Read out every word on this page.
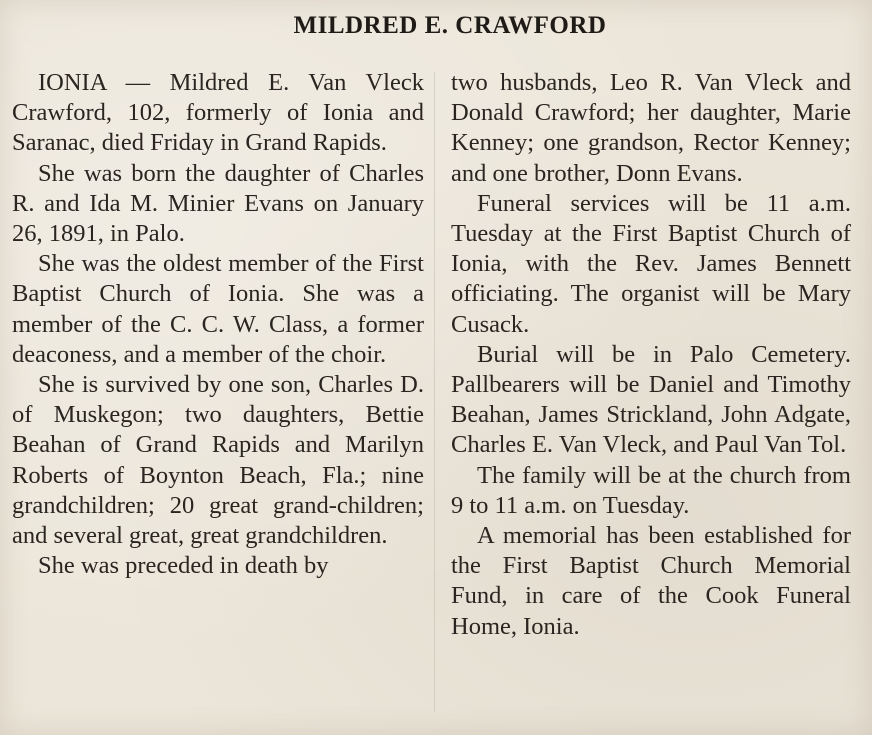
MILDRED E. CRAWFORD

IONIA — Mildred E. Van Vleck Crawford, 102, formerly of Ionia and Saranac, died Friday in Grand Rapids.

She was born the daughter of Charles R. and Ida M. Minier Evans on January 26, 1891, in Palo.

She was the oldest member of the First Baptist Church of Ionia. She was a member of the C. C. W. Class, a former deaconess, and a member of the choir.

She is survived by one son, Charles D. of Muskegon; two daughters, Bettie Beahan of Grand Rapids and Marilyn Roberts of Boynton Beach, Fla.; nine grandchildren; 20 great grand-children; and several great, great grandchildren.

She was preceded in death by

two husbands, Leo R. Van Vleck and Donald Crawford; her daughter, Marie Kenney; one grandson, Rector Kenney; and one brother, Donn Evans.

Funeral services will be 11 a.m. Tuesday at the First Baptist Church of Ionia, with the Rev. James Bennett officiating. The organist will be Mary Cusack.

Burial will be in Palo Cemetery. Pallbearers will be Daniel and Timothy Beahan, James Strickland, John Adgate, Charles E. Van Vleck, and Paul Van Tol.

The family will be at the church from 9 to 11 a.m. on Tuesday.

A memorial has been established for the First Baptist Church Memorial Fund, in care of the Cook Funeral Home, Ionia.
